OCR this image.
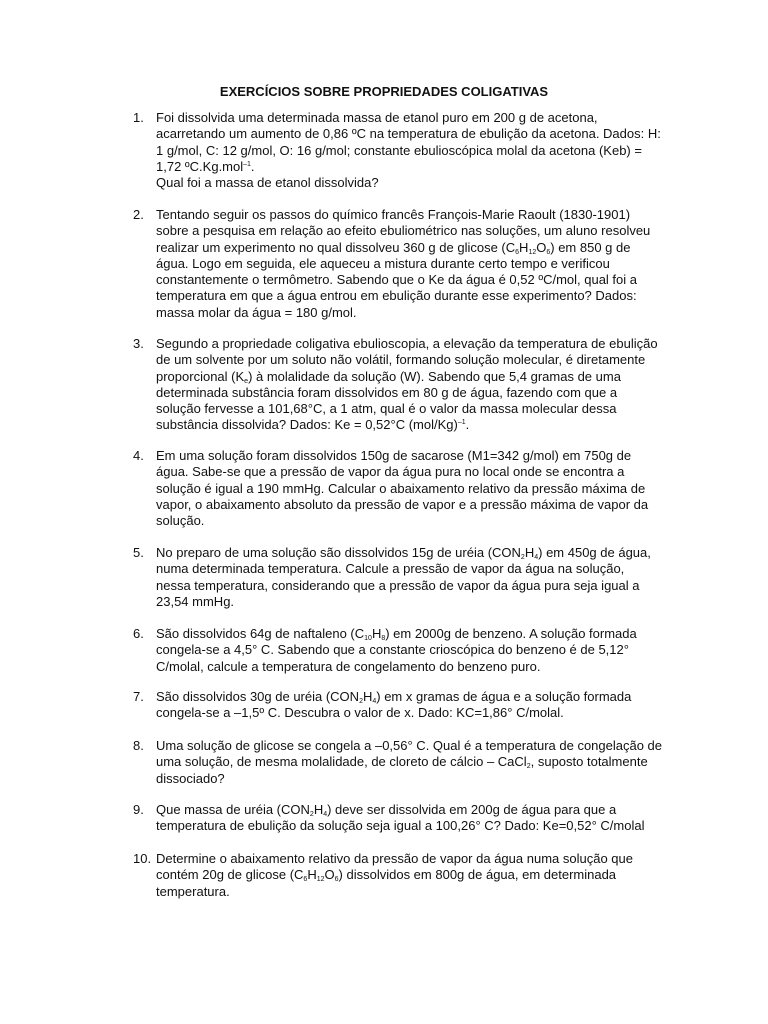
EXERCÍCIOS SOBRE PROPRIEDADES COLIGATIVAS
1. Foi dissolvida uma determinada massa de etanol puro em 200 g de acetona,
acarretando um aumento de 0,86 ºC na temperatura de ebulição da acetona. Dados: H:
1 g/mol, C: 12 g/mol, O: 16 g/mol; constante ebulioscópica molal da acetona (Keb) =
1,72 ºC.Kg.mol$^{-1}$.
Qual foi a massa de etanol dissolvida?
2. Tentando seguir os passos do químico francês François-Marie Raoult (1830-1901)
sobre a pesquisa em relação ao efeito ebuliométrico nas soluções, um aluno resolveu
realizar um experimento no qual dissolveu 360 g de glicose $(C_6H_{12}O_6)$ em 850 g de
água. Logo em seguida, ele aqueceu a mistura durante certo tempo e verificou
constantemente o termômetro. Sabendo que o Ke da água é 0,52 ºC/mol, qual foi a
temperatura em que a água entrou em ebulição durante esse experimento? Dados:
massa molar da água = 180 g/mol.
3. Segundo a propriedade coligativa ebulioscopia, a elevação da temperatura de ebulição
de um solvente por um soluto não volátil, formando solução molecular, é diretamente
proporcional $(K_e)$ à molalidade da solução (W). Sabendo que 5,4 gramas de uma
determinada substância foram dissolvidos em 80 g de água, fazendo com que a
solução fervesse a 101,68°C, a 1 atm, qual é o valor da massa molecular dessa
substância dissolvida? Dados: Ke = 0,52°C $(mol/Kg)^{-1}$.
4. Em uma solução foram dissolvidos 150g de sacarose (M1=342 g/mol) em 750g de
água. Sabe-se que a pressão de vapor da água pura no local onde se encontra a
solução é igual a 190 mmHg. Calcular o abaixamento relativo da pressão máxima de
vapor, o abaixamento absoluto da pressão de vapor e a pressão máxima de vapor da
solução.
5. No preparo de uma solução são dissolvidos 15g de uréia $(CON_2H_4)$ em 450g de água,
numa determinada temperatura. Calcule a pressão de vapor da água na solução,
nessa temperatura, considerando que a pressão de vapor da água pura seja igual a
23,54 mmHg.
6. São dissolvidos 64g de naftaleno $(C_{10}H_8)$ em 2000g de benzeno. A solução formada
congela-se a 4,5° C. Sabendo que a constante crioscópica do benzeno é de 5,12°
C/molal, calcule a temperatura de congelamento do benzeno puro.
7. São dissolvidos 30g de uréia $(CON_2H_4)$ em x gramas de água e a solução formada
congela-se a –1,5º C. Descubra o valor de x. Dado: KC=1,86° C/molal.
8. Uma solução de glicose se congela a –0,56° C. Qual é a temperatura de congelação de
uma solução, de mesma molalidade, de cloreto de cálcio – CaCl$_2$, suposto totalmente
dissociado?
9. Que massa de uréia $(CON_2H_4)$ deve ser dissolvida em 200g de água para que a
temperatura de ebulição da solução seja igual a 100,26° C? Dado: Ke=0,52° C/molal
10. Determine o abaixamento relativo da pressão de vapor da água numa solução que
contém 20g de glicose $(C_6H_{12}O_6)$ dissolvidos em 800g de água, em determinada
temperatura.
